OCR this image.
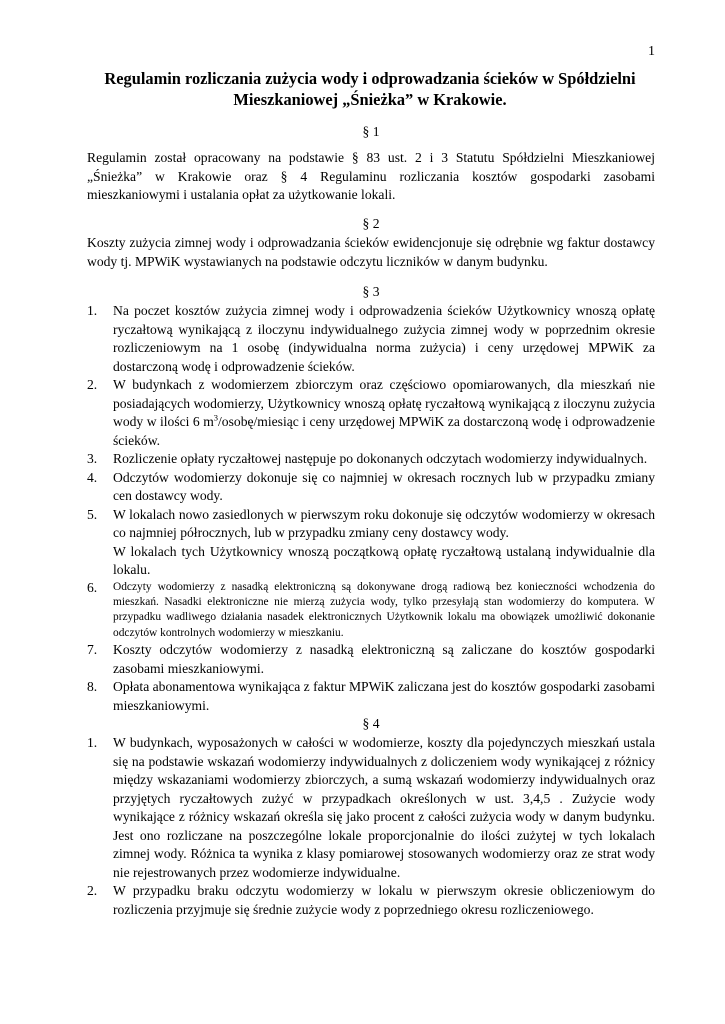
1
Regulamin rozliczania zużycia wody i odprowadzania ścieków w Spółdzielni Mieszkaniowej „Śnieżka” w Krakowie.
§ 1

Regulamin został opracowany na podstawie § 83 ust. 2 i 3 Statutu Spółdzielni Mieszkaniowej „Śnieżka” w Krakowie oraz § 4 Regulaminu rozliczania kosztów gospodarki zasobami mieszkaniowymi i ustalania opłat za użytkowanie lokali.

§ 2

Koszty zużycia zimnej wody i odprowadzania ścieków ewidencjonuje się odrębnie wg faktur dostawcy wody tj. MPWiK wystawianych na podstawie odczytu liczników w danym budynku.

§ 3
1.	Na poczet kosztów zużycia zimnej wody i odprowadzenia ścieków Użytkownicy wnoszą opłatę ryczałtową wynikającą z iloczynu indywidualnego zużycia zimnej wody w poprzednim okresie rozliczeniowym na 1 osobę (indywidualna norma zużycia) i ceny urzędowej MPWiK za dostarczoną wodę i odprowadzenie ścieków.
2.	W budynkach z wodomierzem zbiorczym oraz częściowo opomiarowanych, dla mieszkań nie posiadających wodomierzy, Użytkownicy wnoszą opłatę ryczałtową wynikającą z iloczynu zużycia wody w ilości 6 $m^3/osobę$/miesiąc i ceny urzędowej MPWiK za dostarczoną wodę i odprowadzenie ścieków.
3.	Rozliczenie opłaty ryczałtowej następuje po dokonanych odczytach wodomierzy indywidualnych.
4.	Odczytów wodomierzy dokonuje się co najmniej w okresach rocznych lub w przypadku zmiany cen dostawcy wody.
5.	W lokalach nowo zasiedlonych w pierwszym roku dokonuje się odczytów wodomierzy w okresach co najmniej półrocznych, lub w przypadku zmiany ceny dostawcy wody.
W lokalach tych Użytkownicy wnoszą początkową opłatę ryczałtową ustalaną indywidualnie dla lokalu.
6.	Odczyty wodomierzy z nasadką elektroniczną są dokonywane drogą radiową bez konieczności wchodzenia do mieszkań. Nasadki elektroniczne nie mierzą zużycia wody, tylko przesyłają stan wodomierzy do komputera. W przypadku wadliwego działania nasadek elektronicznych Użytkownik lokalu ma obowiązek umożliwić dokonanie odczytów kontrolnych wodomierzy w mieszkaniu.
7.	Koszty odczytów wodomierzy z nasadką elektroniczną są zaliczane do kosztów gospodarki zasobami mieszkaniowymi.
8.	Opłata abonamentowa wynikająca z faktur MPWiK zaliczana jest do kosztów gospodarki zasobami mieszkaniowymi.
§ 4
1.	W budynkach, wyposażonych w całości w wodomierze, koszty dla pojedynczych mieszkań ustala się na podstawie wskazań wodomierzy indywidualnych z doliczeniem wody wynikającej z różnicy między wskazaniami wodomierzy zbiorczych, a sumą wskazań wodomierzy indywidualnych oraz przyjętych ryczałtowych zużyć w przypadkach określonych w ust. 3,4,5 . Zużycie wody wynikające z różnicy wskazań określa się jako procent z całości zużycia wody w danym budynku. Jest ono rozliczane na poszczególne lokale proporcjonalnie do ilości zużytej w tych lokalach zimnej wody. Różnica ta wynika z klasy pomiarowej stosowanych wodomierzy oraz ze strat wody nie rejestrowanych przez wodomierze indywidualne.
2.	W przypadku braku odczytu wodomierzy w lokalu w pierwszym okresie obliczeniowym do rozliczenia przyjmuje się średnie zużycie wody z poprzedniego okresu rozliczeniowego.
